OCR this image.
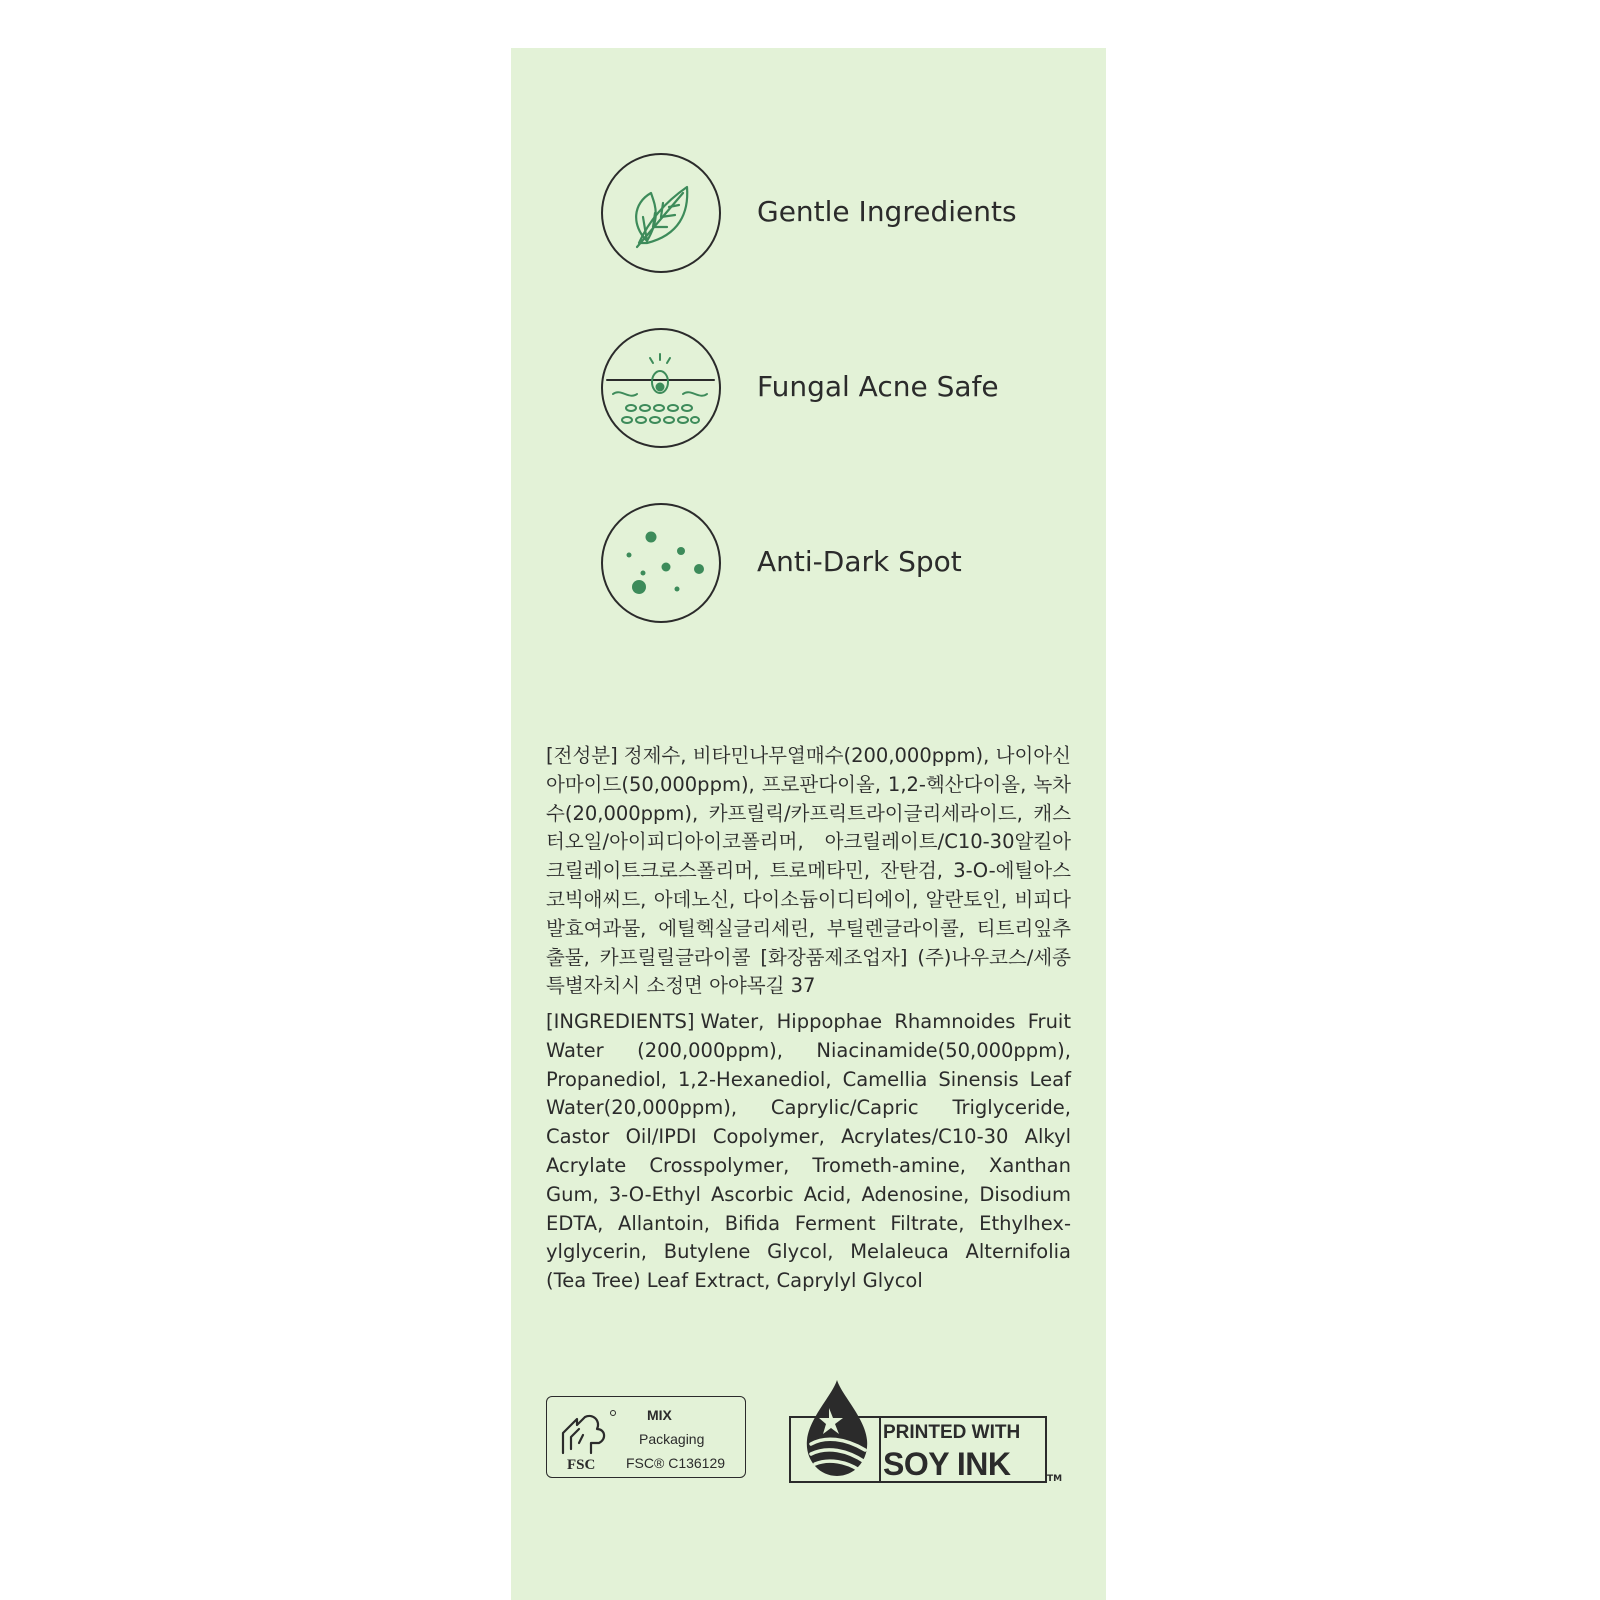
Gentle Ingredients
Fungal Acne Safe
Anti-Dark Spot

[전성분] 정제수, 비타민나무열매수(200,000ppm), 나이아신아마이드(50,000ppm), 프로판다이올, 1,2-헥산다이올, 녹차수(20,000ppm), 카프릴릭/카프릭트라이글리세라이드, 캐스터오일/아이피디아이코폴리머, 아크릴레이트/C10-30알킬아크릴레이트크로스폴리머, 트로메타민, 잔탄검, 3-O-에틸아스코빅애씨드, 아데노신, 다이소듐이디티에이, 알란토인, 비피다발효여과물, 에틸헥실글리세린, 부틸렌글라이콜, 티트리잎추출물, 카프릴릴글라이콜 [화장품제조업자] (주)나우코스/세종특별자치시 소정면 아야목길 37

[INGREDIENTS] Water, Hippophae Rhamnoides Fruit Water (200,000ppm), Niacinamide(50,000ppm), Propanediol, 1,2-Hexanediol, Camellia Sinensis Leaf Water(20,000ppm), Caprylic/Capric Triglyceride, Castor Oil/IPDI Copolymer, Acrylates/C10-30 Alkyl Acrylate Crosspolymer, Trometh-amine, Xanthan Gum, 3-O-Ethyl Ascorbic Acid, Adenosine, Disodium EDTA, Allantoin, Bifida Ferment Filtrate, Ethylhex-ylglycerin, Butylene Glycol, Melaleuca Alternifolia (Tea Tree) Leaf Extract, Caprylyl Glycol

FSC
MIX
Packaging
FSC® C136129
PRINTED WITH
SOY INK	TM
